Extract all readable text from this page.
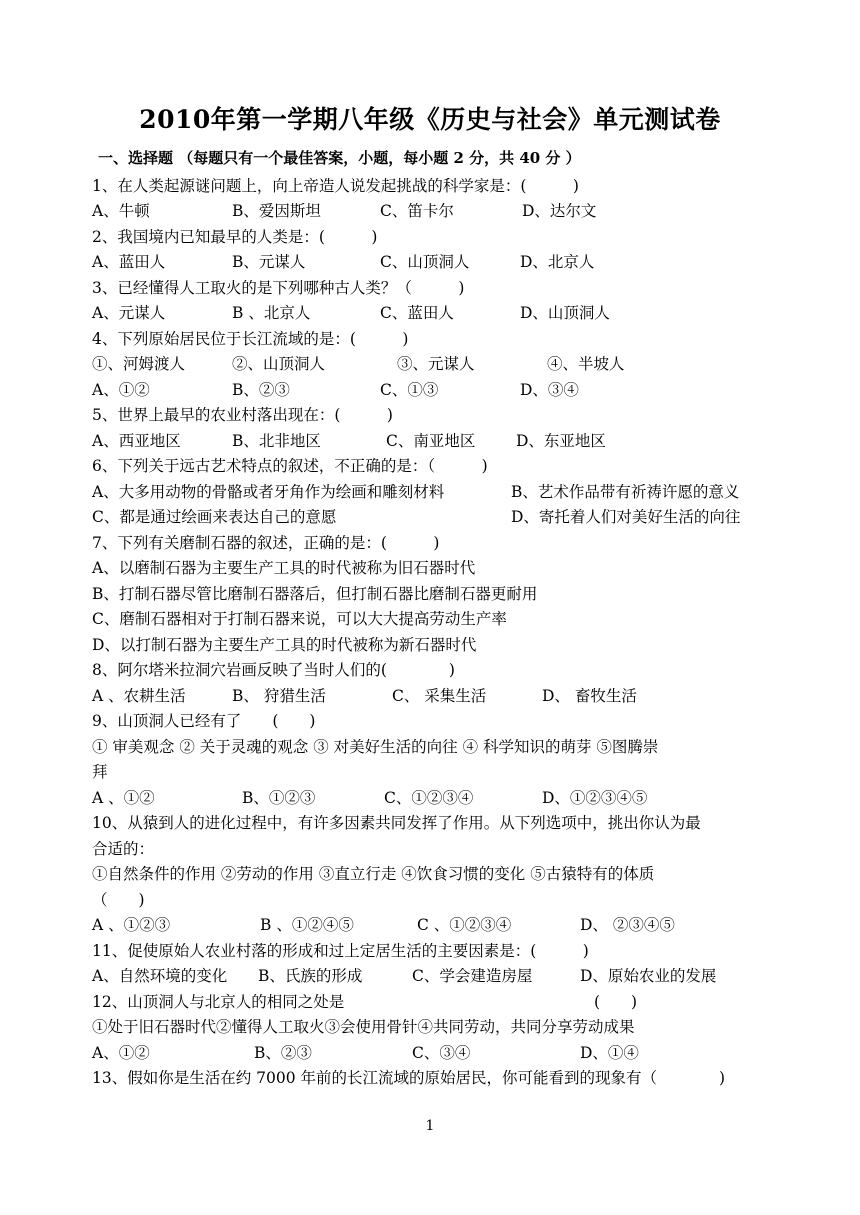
2010年第一学期八年级《历史与社会》单元测试卷
一、选择题 （每题只有一个最佳答案，小题，每小题 2 分，共 40 分 ）
1、在人类起源谜问题上，向上帝造人说发起挑战的科学家是：(　　　)
A、牛顿	B、爱因斯坦	C、笛卡尔	D、达尔文
2、我国境内已知最早的人类是：(　　　)
A、蓝田人	B、元谋人	C、山顶洞人	D、北京人
3、已经懂得人工取火的是下列哪种古人类？（　　　)
A、元谋人	B 、北京人	C、蓝田人	D、山顶洞人
4、下列原始居民位于长江流域的是：(　　　)
①、河姆渡人	②、山顶洞人	③、元谋人	④、半坡人
A、①②	B、②③	C、①③	D、③④
5、世界上最早的农业村落出现在：(　　　)
A、西亚地区	B、北非地区	C、南亚地区	D、东亚地区
6、下列关于远古艺术特点的叙述，不正确的是：（　　　)
A、大多用动物的骨骼或者牙角作为绘画和雕刻材料	B、艺术作品带有祈祷许愿的意义
C、都是通过绘画来表达自己的意愿	D、寄托着人们对美好生活的向往
7、下列有关磨制石器的叙述，正确的是：(　　　)
A、以磨制石器为主要生产工具的时代被称为旧石器时代
B、打制石器尽管比磨制石器落后，但打制石器比磨制石器更耐用
C、磨制石器相对于打制石器来说，可以大大提高劳动生产率
D、以打制石器为主要生产工具的时代被称为新石器时代
8、阿尔塔米拉洞穴岩画反映了当时人们的(　　　　)
A 、农耕生活	B、 狩猎生活	C、 采集生活	D、 畜牧生活
9、山顶洞人已经有了　　(　　)
① 审美观念 ② 关于灵魂的观念 ③ 对美好生活的向往 ④ 科学知识的萌芽 ⑤图腾崇
拜
A 、①②	B、①②③	C、①②③④	D、①②③④⑤
10、从猿到人的进化过程中，有许多因素共同发挥了作用。从下列选项中，挑出你认为最
合适的：
①自然条件的作用 ②劳动的作用 ③直立行走 ④饮食习惯的变化 ⑤古猿特有的体质
（　　)
A 、①②③	B 、①②④⑤	C 、①②③④	D、 ②③④⑤
11、促使原始人农业村落的形成和过上定居生活的主要因素是：(　　　)
A、自然环境的变化 B、氏族的形成	C、学会建造房屋	D、原始农业的发展
12、山顶洞人与北京人的相同之处是	(　　)
①处于旧石器时代②懂得人工取火③会使用骨针④共同劳动，共同分享劳动成果
A、①②	B、②③	C、③④	D、①④
13、假如你是生活在约 7000 年前的长江流域的原始居民，你可能看到的现象有（　　　　)
1
